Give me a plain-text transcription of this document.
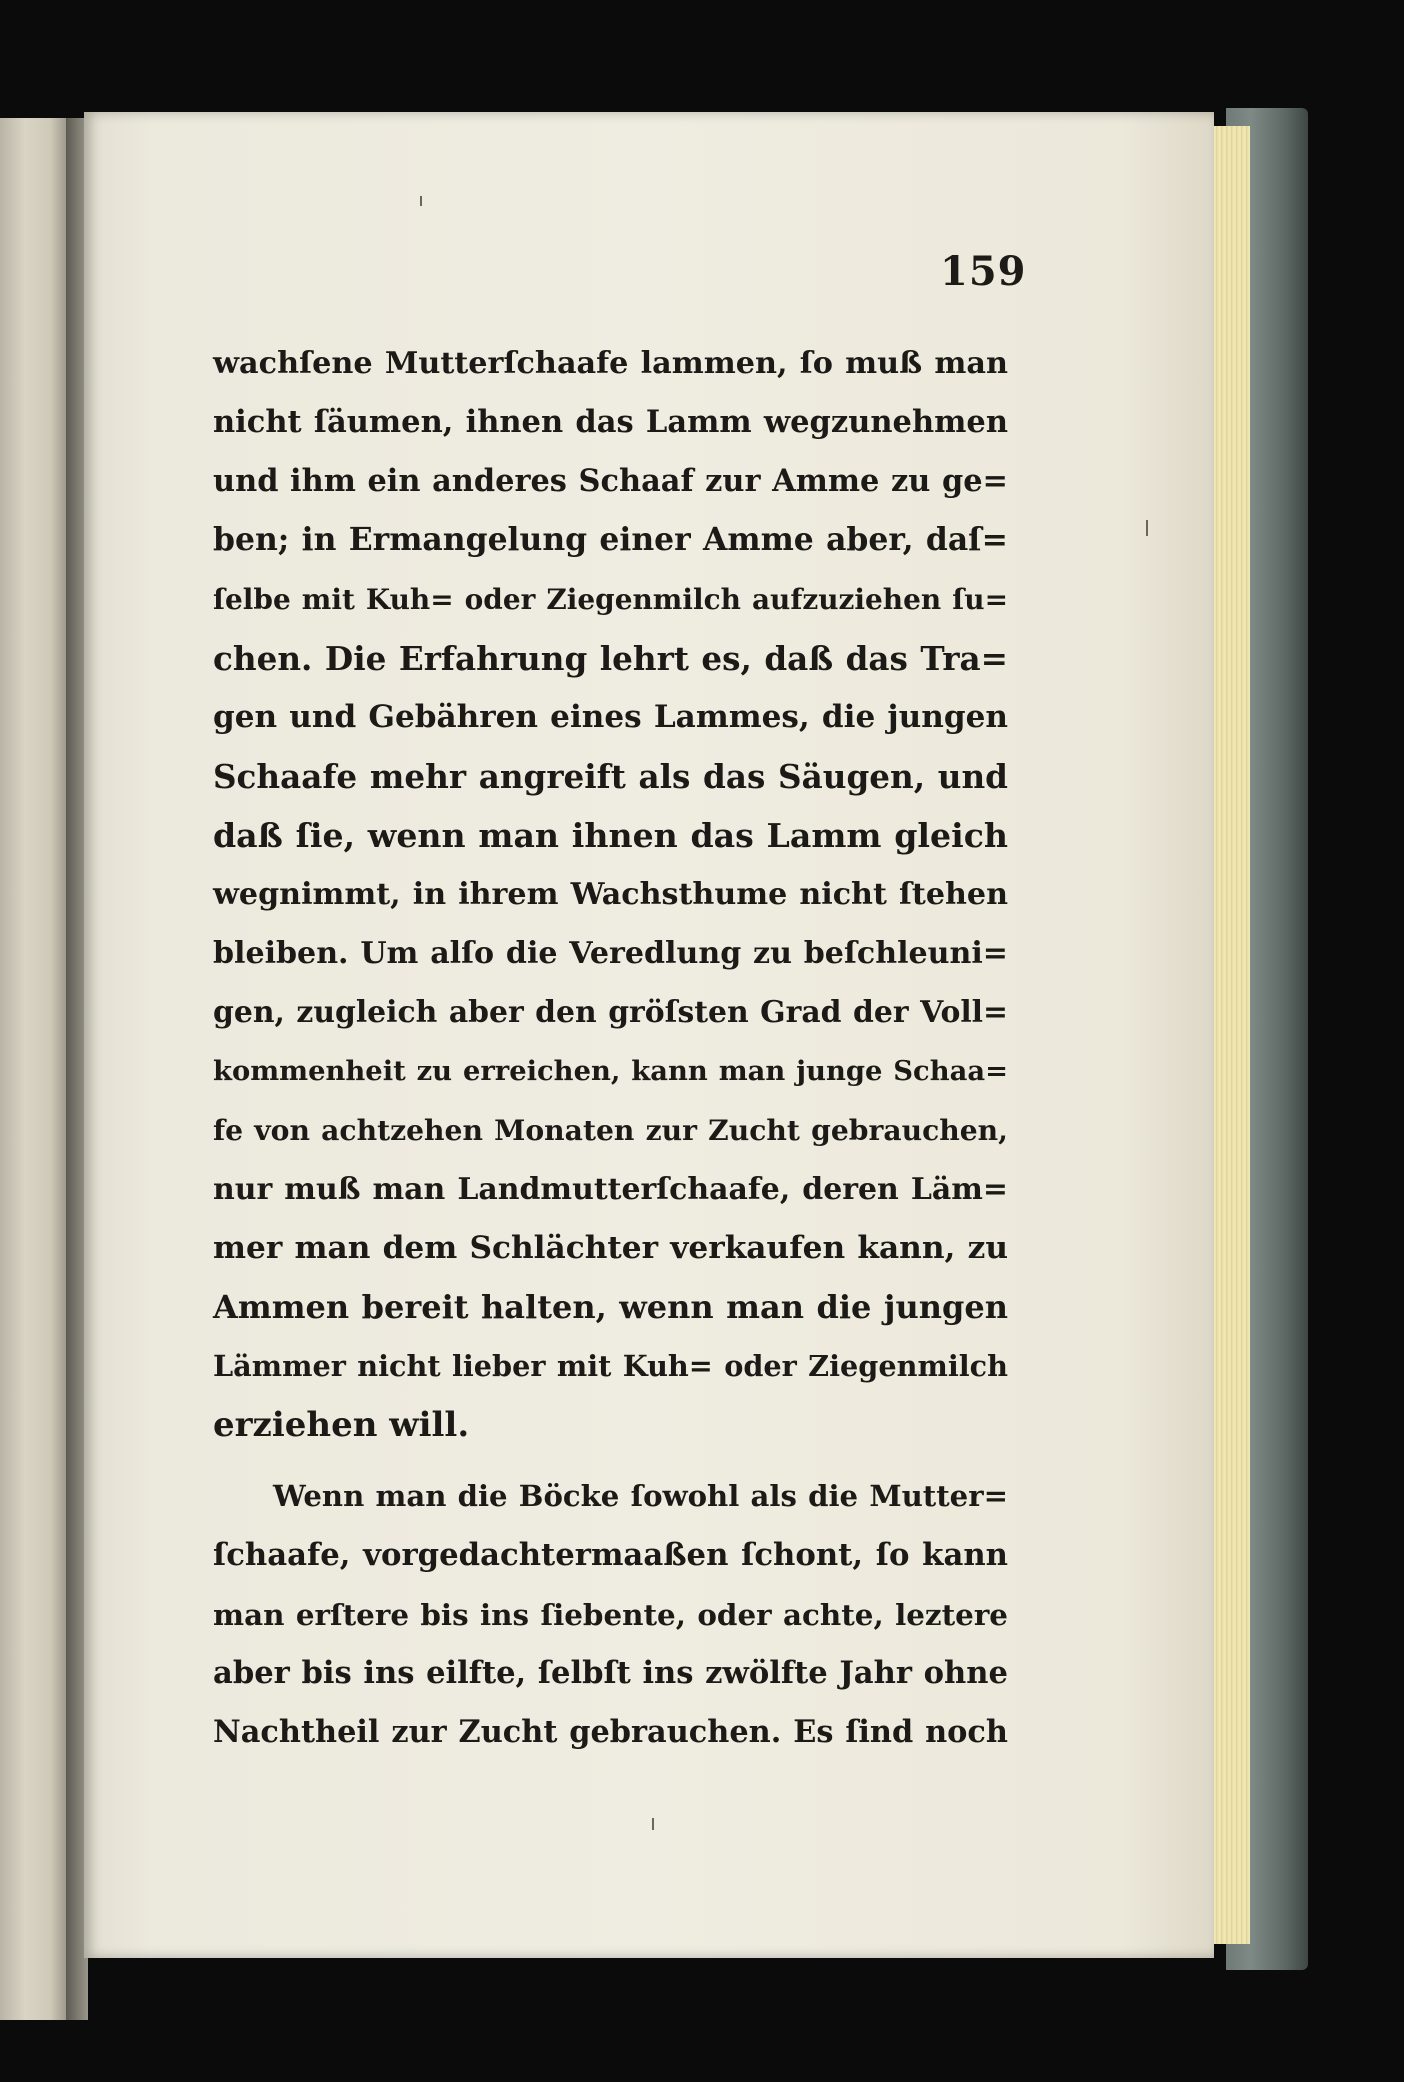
159
wachſene Mutterſchaafe lammen, ſo muß man
nicht ſäumen, ihnen das Lamm wegzunehmen
und ihm ein anderes Schaaf zur Amme zu ge=
ben; in Ermangelung einer Amme aber, daſ=
ſelbe mit Kuh= oder Ziegenmilch aufzuziehen ſu=
chen. Die Erfahrung lehrt es, daß das Tra=
gen und Gebähren eines Lammes, die jungen
Schaafe mehr angreift als das Säugen, und
daß ſie, wenn man ihnen das Lamm gleich
wegnimmt, in ihrem Wachsthume nicht ſtehen
bleiben. Um alſo die Veredlung zu beſchleuni=
gen, zugleich aber den gröſsten Grad der Voll=
kommenheit zu erreichen, kann man junge Schaa=
fe von achtzehen Monaten zur Zucht gebrauchen,
nur muß man Landmutterſchaafe, deren Läm=
mer man dem Schlächter verkaufen kann, zu
Ammen bereit halten, wenn man die jungen
Lämmer nicht lieber mit Kuh= oder Ziegenmilch
erziehen will.
Wenn man die Böcke ſowohl als die Mutter=
ſchaafe, vorgedachtermaaßen ſchont, ſo kann
man erſtere bis ins ſiebente, oder achte, leztere
aber bis ins eilfte, ſelbſt ins zwölfte Jahr ohne
Nachtheil zur Zucht gebrauchen. Es ſind noch
